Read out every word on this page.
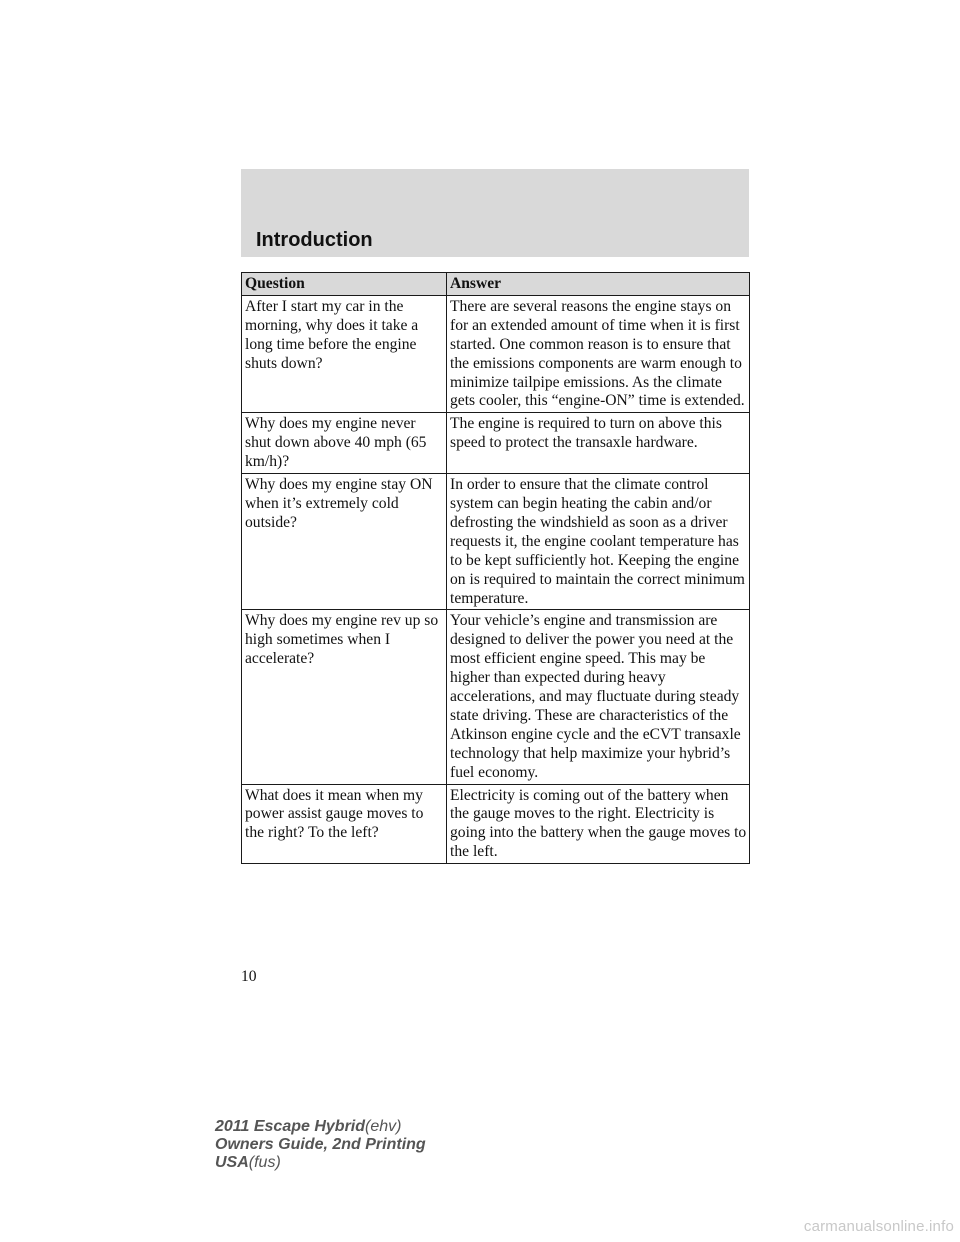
Introduction
Question	Answer

After I start my car in the morning, why does it take a long time before the engine shuts down?	There are several reasons the engine stays on for an extended amount of time when it is first started. One common reason is to ensure that the emissions components are warm enough to minimize tailpipe emissions. As the climate gets cooler, this “engine-ON” time is extended.

Why does my engine never shut down above 40 mph (65 km/h)?	The engine is required to turn on above this speed to protect the transaxle hardware.

Why does my engine stay ON when it’s extremely cold outside?	In order to ensure that the climate control system can begin heating the cabin and/or defrosting the windshield as soon as a driver requests it, the engine coolant temperature has to be kept sufficiently hot. Keeping the engine on is required to maintain the correct minimum temperature.

Why does my engine rev up so high sometimes when I accelerate?	Your vehicle’s engine and transmission are designed to deliver the power you need at the most efficient engine speed. This may be higher than expected during heavy accelerations, and may fluctuate during steady state driving. These are characteristics of the Atkinson engine cycle and the eCVT transaxle technology that help maximize your hybrid’s fuel economy.

What does it mean when my power assist gauge moves to the right? To the left?	Electricity is coming out of the battery when the gauge moves to the right. Electricity is going into the battery when the gauge moves to the left.

10
2011 Escape Hybrid(ehv)
Owners Guide, 2nd Printing
USA(fus)
carmanualsonline.info
